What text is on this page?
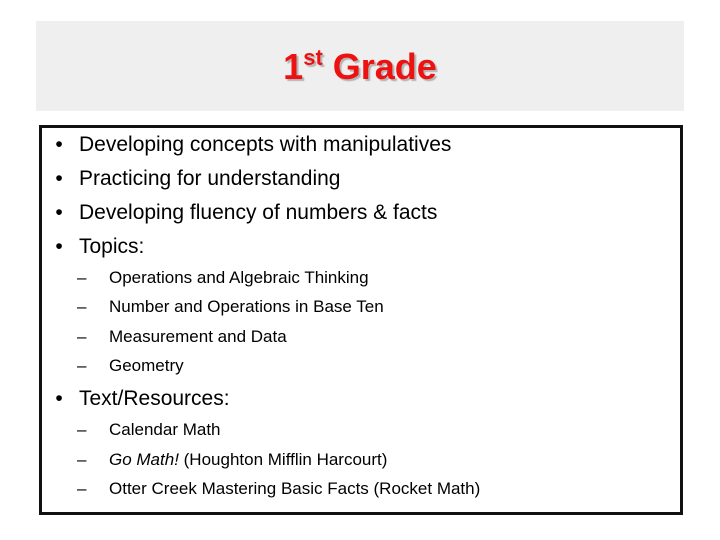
1st Grade
• Developing concepts with manipulatives
• Practicing for understanding
• Developing fluency of numbers & facts
• Topics:
– Operations and Algebraic Thinking
– Number and Operations in Base Ten
– Measurement and Data
– Geometry
• Text/Resources:
– Calendar Math
– Go Math! (Houghton Mifflin Harcourt)
– Otter Creek Mastering Basic Facts (Rocket Math)
